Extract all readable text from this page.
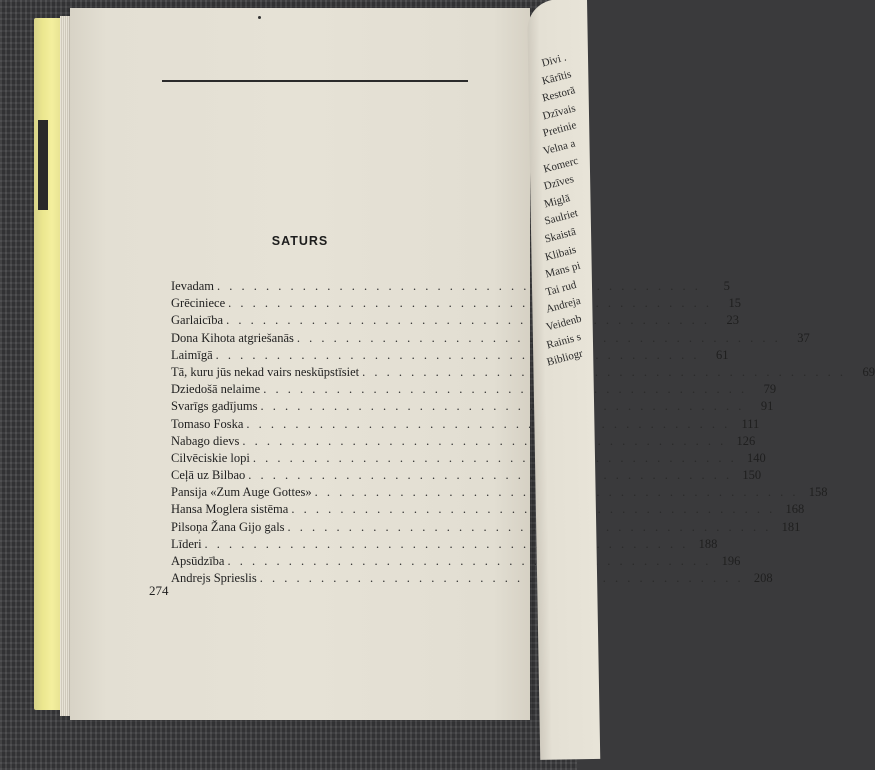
SATURS
Ievadam . . .	5
Grēciniece . . .	15
Garlaicība . . .	23
Dona Kihota atgriešanās . . .	37
Laimīgā . . .	61
Tā, kuru jūs nekad vairs neskūpstīsiet . . .	69
Dziedošā nelaime . . .	79
Svarīgs gadījums . . .	91
Tomaso Foska . . .	111
Nabago dievs . . .	126
Cilvēciskie lopi . . .	140
Ceļā uz Bilbao . . .	150
Pansija «Zum Auge Gottes» . . .	158
Hansa Moglera sistēma . . .	168
Pilsoņa Žana Gijo gals . . .	181
Līderi . . .	188
Apsūdzība . . .	196
Andrejs Sprieslis . . .	208
274
Divi .
Kārītis
Restorā
Dzīvais
Pretinie
Velna a
Komerc
Dzīves
Miglā
Saulriet
Skaistā
Klibais
Mans pi
Tai rud
Andreja
Veidenb
Rainis s
Bibliogr
